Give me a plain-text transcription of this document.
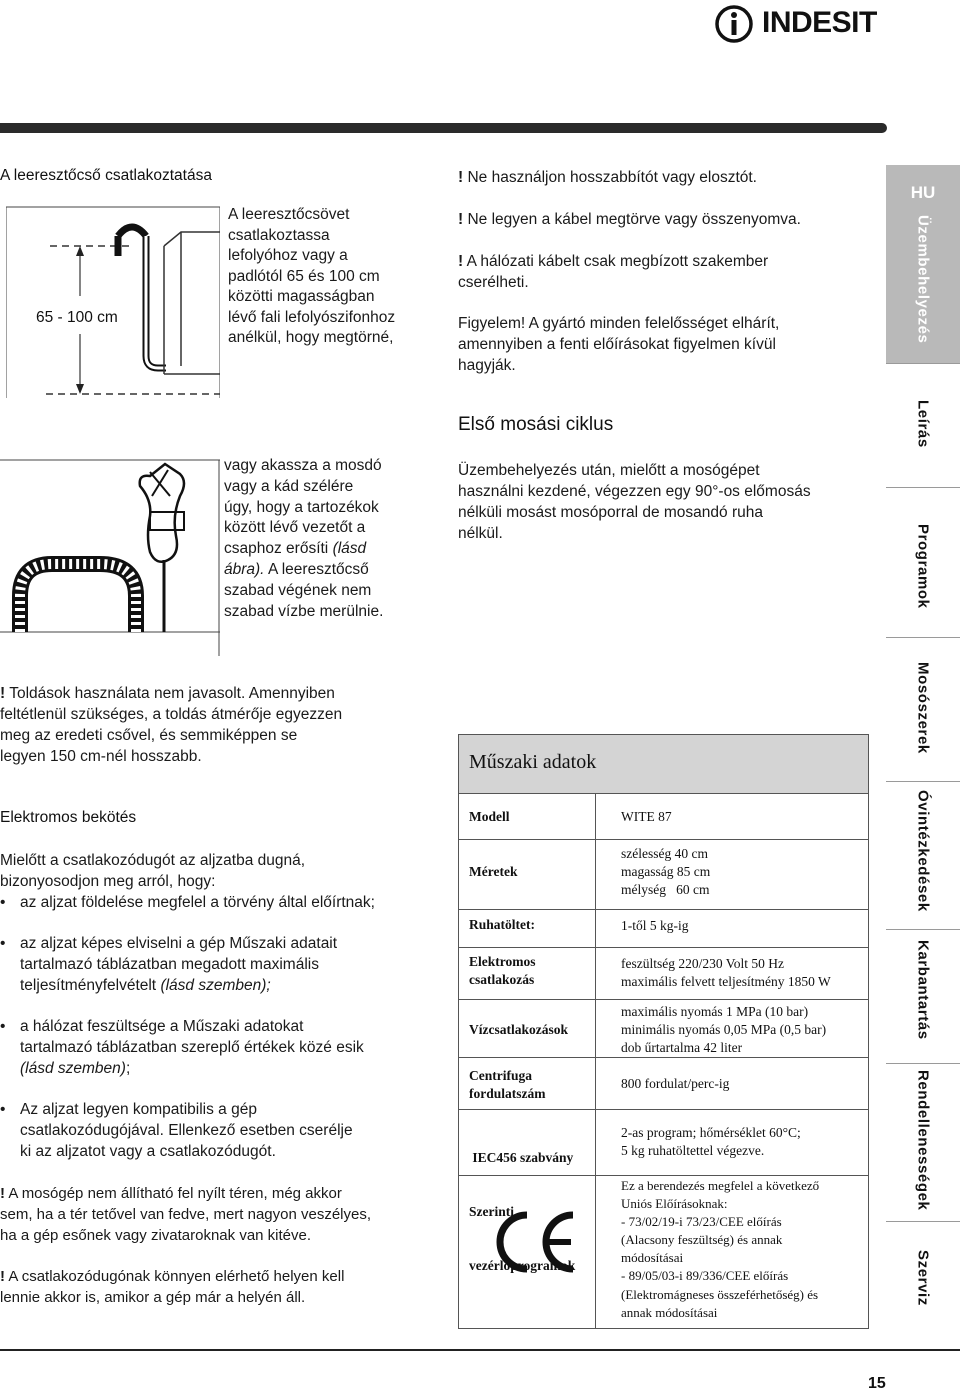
INDESIT
A leeresztőcső csatlakoztatása
65 - 100 cm
A leeresztőcsövet
csatlakoztassa
lefolyóhoz vagy a
padlótól 65 és 100 cm
közötti magasságban
lévő fali lefolyószifonhoz
anélkül, hogy megtörné,
vagy akassza a mosdó
vagy a kád szélére
úgy, hogy a tartozékok
között lévő vezetőt a
csaphoz erősíti (lásd
ábra). A leeresztőcső
szabad végének nem
szabad vízbe merülnie.
! Toldások használata nem javasolt. Amennyiben
feltétlenül szükséges, a toldás átmérője egyezzen
meg az eredeti csővel, és semmiképpen se
legyen 150 cm-nél hosszabb.
Elektromos bekötés
Mielőtt a csatlakozódugót az aljzatba dugná,
bizonyosodjon meg arról, hogy:
• az aljzat földelése megfelel a törvény által előírtnak;
• az aljzat képes elviselni a gép Műszaki adatait
tartalmazó táblázatban megadott maximális
teljesítményfelvételt (lásd szemben);
• a hálózat feszültsége a Műszaki adatokat
tartalmazó táblázatban szereplő értékek közé esik
(lásd szemben);
• Az aljzat legyen kompatibilis a gép
csatlakozódugójával. Ellenkező esetben cserélje
ki az aljzatot vagy a csatlakozódugót.
! A mosógép nem állítható fel nyílt téren, még akkor
sem, ha a tér tetővel van fedve, mert nagyon veszélyes,
ha a gép esőnek vagy zivataroknak van kitéve.
! A csatlakozódugónak könnyen elérhető helyen kell
lennie akkor is, amikor a gép már a helyén áll.
! Ne használjon hosszabbítót vagy elosztót.
! Ne legyen a kábel megtörve vagy összenyomva.
! A hálózati kábelt csak megbízott szakember
cserélheti.
Figyelem! A gyártó minden felelősséget elhárít,
amennyiben a fenti előírásokat figyelmen kívül
hagyják.
Első mosási ciklus
Üzembehelyezés után, mielőtt a mosógépet
használni kezdené, végezzen egy 90°-os előmosás
nélküli mosást mosóporral de mosandó ruha
nélkül.
Műszaki adatok
Modell	WITE 87
Méretek
szélesség 40 cm
magasság 85 cm
mélység   60 cm
Ruhatöltet:	1-től 5 kg-ig
Elektromos
csatlakozás
feszültség 220/230 Volt 50 Hz
maximális felvett teljesítmény 1850 W
Vízcsatlakozások
maximális nyomás 1 MPa (10 bar)
minimális nyomás 0,05 MPa (0,5 bar)
dob űrtartalma 42 liter
Centrifuga
fordulatszám
800 fordulat/perc-ig

IEC456 szabvány

Szerinti

vezérlőprogramok

2-as program; hőmérséklet 60°C;
5 kg ruhatöltettel végezve.
Ez a berendezés megfelel a következő
Uniós Előírásoknak:
- 73/02/19-i 73/23/CEE előírás
(Alacsony feszültség) és annak
módosításai
- 89/05/03-i 89/336/CEE előírás
(Elektromágneses összeférhetőség) és
annak módosításai
HU
Üzembehelyezés
Leírás
Programok
Mosószerek
Óvintézkedések
Karbantartás
Rendellenességek
Szerviz
15
